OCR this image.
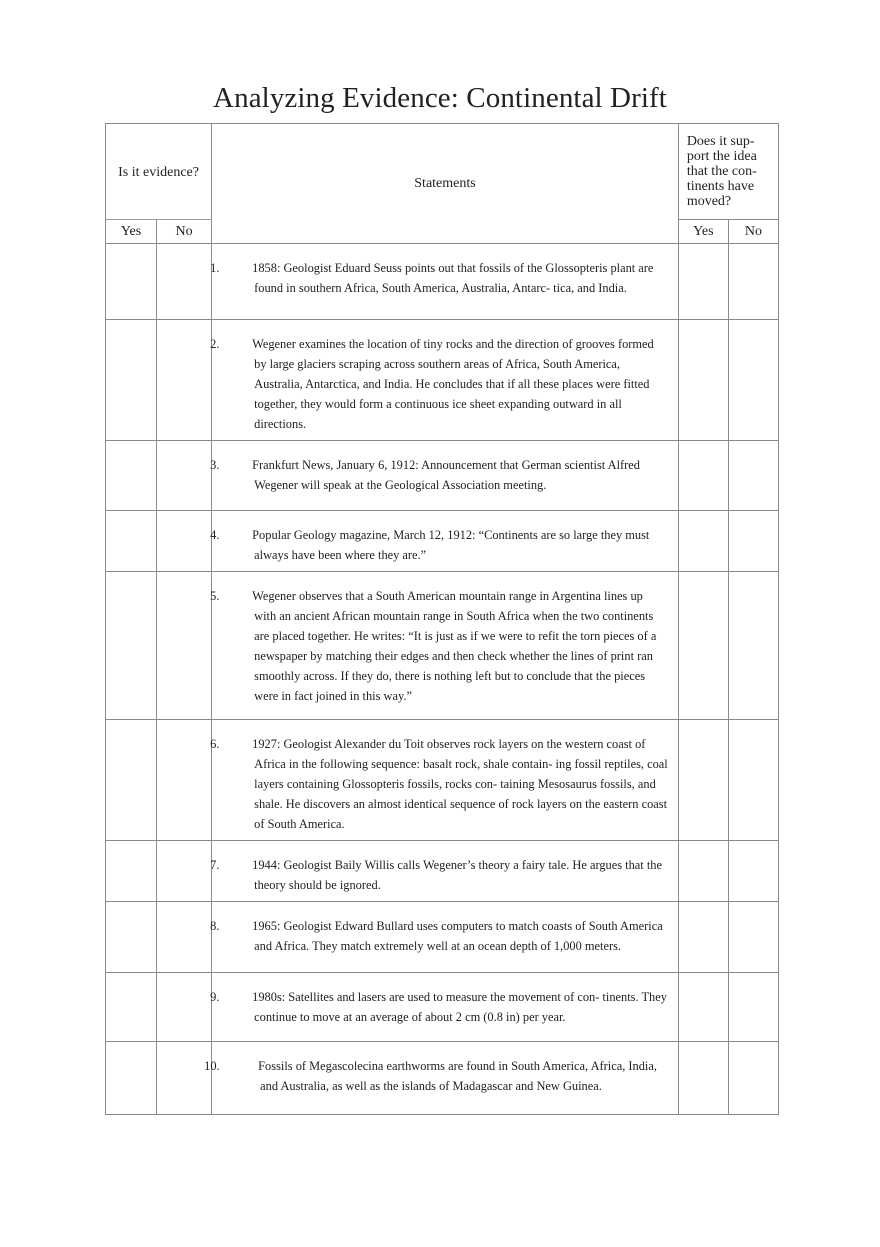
Analyzing Evidence: Continental Drift
Is it evidence?		Statements	Does it sup-
port the idea
that the con-
tinents have
moved?	

Yes	No		Yes	No

		1. 1858: Geologist Eduard Seuss points out that fossils of the Glossopteris plant are found in southern Africa, South America, Australia, Antarc- tica, and India.		

		2. Wegener examines the location of tiny rocks and the direction of grooves formed by large glaciers scraping across southern areas of Africa, South America, Australia, Antarctica, and India. He concludes that if all these places were fitted together, they would form a continuous ice sheet expanding outward in all directions.		

		3. Frankfurt News, January 6, 1912: Announcement that German scientist Alfred Wegener will speak at the Geological Association meeting.		

		4. Popular Geology magazine, March 12, 1912: “Continents are so large they must always have been where they are.”		

		5. Wegener observes that a South American mountain range in Argentina lines up with an ancient African mountain range in South Africa when the two continents are placed together. He writes: “It is just as if we were to refit the torn pieces of a newspaper by matching their edges and then check whether the lines of print ran smoothly across. If they do, there is nothing left but to conclude that the pieces were in fact joined in this way.”		

		6. 1927: Geologist Alexander du Toit observes rock layers on the western coast of Africa in the following sequence: basalt rock, shale contain- ing fossil reptiles, coal layers containing Glossopteris fossils, rocks con- taining Mesosaurus fossils, and shale. He discovers an almost identical sequence of rock layers on the eastern coast of South America.		

		7. 1944: Geologist Baily Willis calls Wegener’s theory a fairy tale. He argues that the theory should be ignored.		

		8. 1965: Geologist Edward Bullard uses computers to match coasts of South America and Africa. They match extremely well at an ocean depth of 1,000 meters.		

		9. 1980s: Satellites and lasers are used to measure the movement of con- tinents. They continue to move at an average of about 2 cm (0.8 in) per year.		

		10. Fossils of Megascolecina earthworms are found in South America, Africa, India, and Australia, as well as the islands of Madagascar and New Guinea.		
